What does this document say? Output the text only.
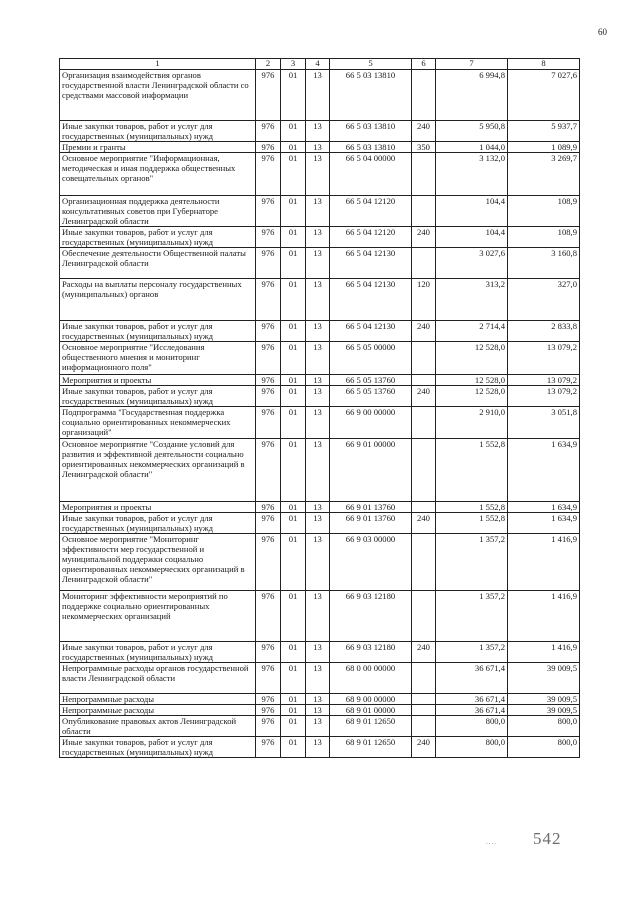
60
1	2	3	4	5	6	7	8
Организация взаимодействия органов государственной власти Ленинградской области со средствами массовой информации	976	01	13	66 5 03 13810		6 994,8	7 027,6
Иные закупки товаров, работ и услуг для государственных (муниципальных) нужд	976	01	13	66 5 03 13810	240	5 950,8	5 937,7
Премии и гранты	976	01	13	66 5 03 13810	350	1 044,0	1 089,9
Основное мероприятие "Информационная, методическая и иная поддержка общественных совещательных органов"	976	01	13	66 5 04 00000		3 132,0	3 269,7
Организационная поддержка деятельности консультативных советов при Губернаторе Ленинградской области	976	01	13	66 5 04 12120		104,4	108,9
Иные закупки товаров, работ и услуг для государственных (муниципальных) нужд	976	01	13	66 5 04 12120	240	104,4	108,9
Обеспечение деятельности Общественной палаты Ленинградской области	976	01	13	66 5 04 12130		3 027,6	3 160,8
Расходы на выплаты персоналу государственных (муниципальных) органов	976	01	13	66 5 04 12130	120	313,2	327,0
Иные закупки товаров, работ и услуг для государственных (муниципальных) нужд	976	01	13	66 5 04 12130	240	2 714,4	2 833,8
Основное мероприятие "Исследования общественного мнения и мониторинг информационного поля"	976	01	13	66 5 05 00000		12 528,0	13 079,2
Мероприятия и проекты	976	01	13	66 5 05 13760		12 528,0	13 079,2
Иные закупки товаров, работ и услуг для государственных (муниципальных) нужд	976	01	13	66 5 05 13760	240	12 528,0	13 079,2
Подпрограмма "Государственная поддержка социально ориентированных некоммерческих организаций"	976	01	13	66 9 00 00000		2 910,0	3 051,8
Основное мероприятие "Создание условий для развития и эффективной деятельности социально ориентированных некоммерческих организаций в Ленинградской области"	976	01	13	66 9 01 00000		1 552,8	1 634,9
Мероприятия и проекты	976	01	13	66 9 01 13760		1 552,8	1 634,9
Иные закупки товаров, работ и услуг для государственных (муниципальных) нужд	976	01	13	66 9 01 13760	240	1 552,8	1 634,9
Основное мероприятие "Мониторинг эффективности мер государственной и муниципальной поддержки социально ориентированных некоммерческих организаций в Ленинградской области"	976	01	13	66 9 03 00000		1 357,2	1 416,9
Мониторинг эффективности мероприятий по поддержке социально ориентированных некоммерческих организаций	976	01	13	66 9 03 12180		1 357,2	1 416,9
Иные закупки товаров, работ и услуг для государственных (муниципальных) нужд	976	01	13	66 9 03 12180	240	1 357,2	1 416,9
Непрограммные расходы органов государственной власти Ленинградской области	976	01	13	68 0 00 00000		36 671,4	39 009,5
Непрограммные расходы	976	01	13	68 9 00 00000		36 671,4	39 009,5
Непрограммные расходы	976	01	13	68 9 01 00000		36 671,4	39 009,5
Опубликование правовых актов Ленинградской области	976	01	13	68 9 01 12650		800,0	800,0
Иные закупки товаров, работ и услуг для государственных (муниципальных) нужд	976	01	13	68 9 01 12650	240	800,0	800,0
.... 542
